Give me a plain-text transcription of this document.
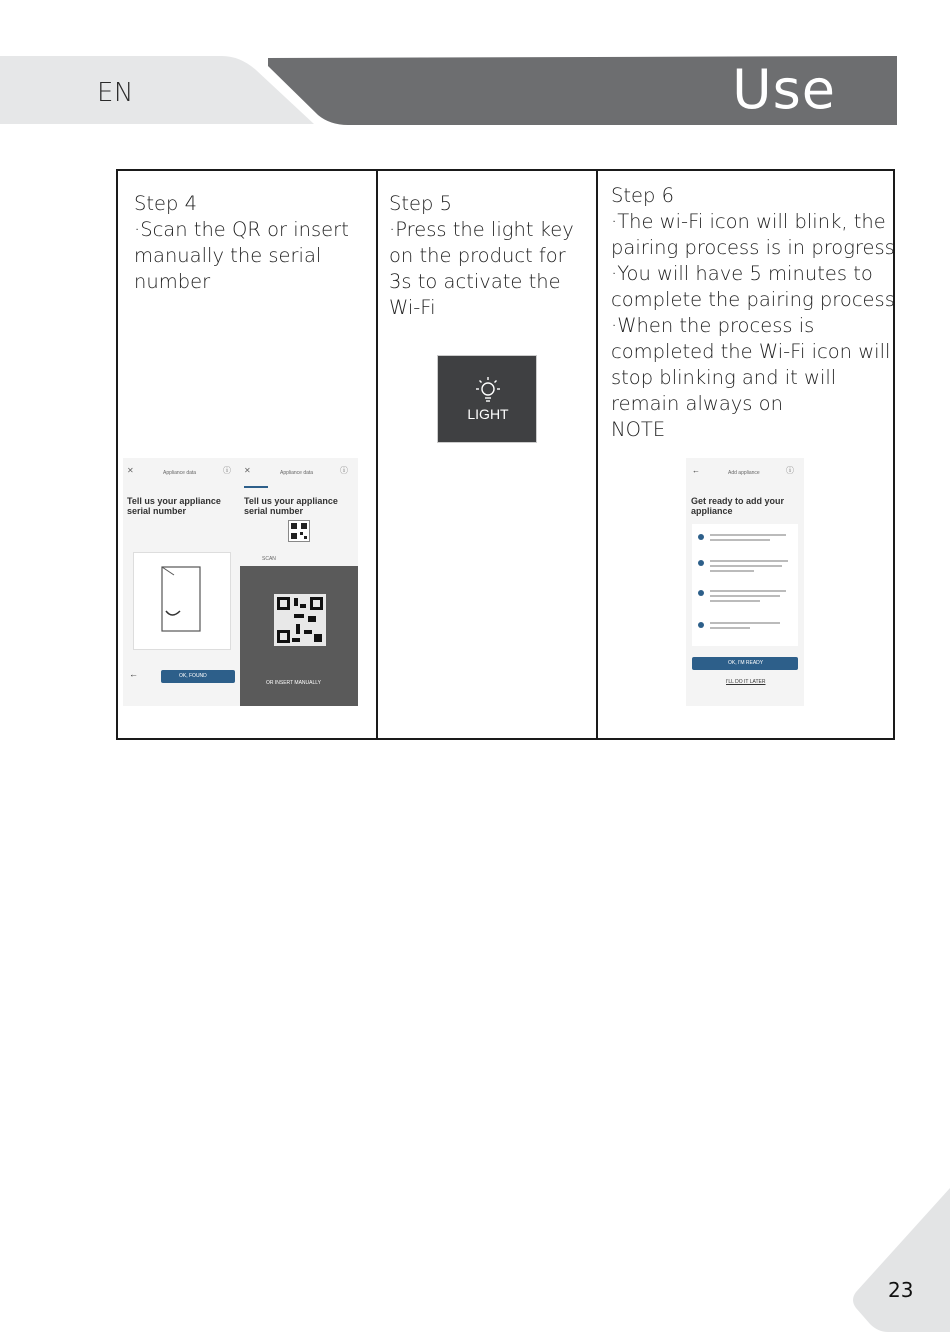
EN	Use
Step 4
·Scan the QR or insert
manually the serial
number
✕	Appliance data	ⓘ
Tell us your appliance serial number
OK, FOUND
←
✕	Appliance data	ⓘ
Tell us your appliance serial number
SCAN
OR INSERT MANUALLY
Step 5
·Press the light key
on the product for
3s to activate the
Wi-Fi
LIGHT
Step 6
·The wi-Fi icon will blink, the
pairing process is in progress
·You will have 5 minutes to
complete the pairing process
·When the process is
completed the Wi-Fi icon will
stop blinking and it will
remain always on
NOTE
←	Add appliance	ⓘ
Get ready to add your appliance
OK, I'M READY
I'LL DO IT LATER
23
